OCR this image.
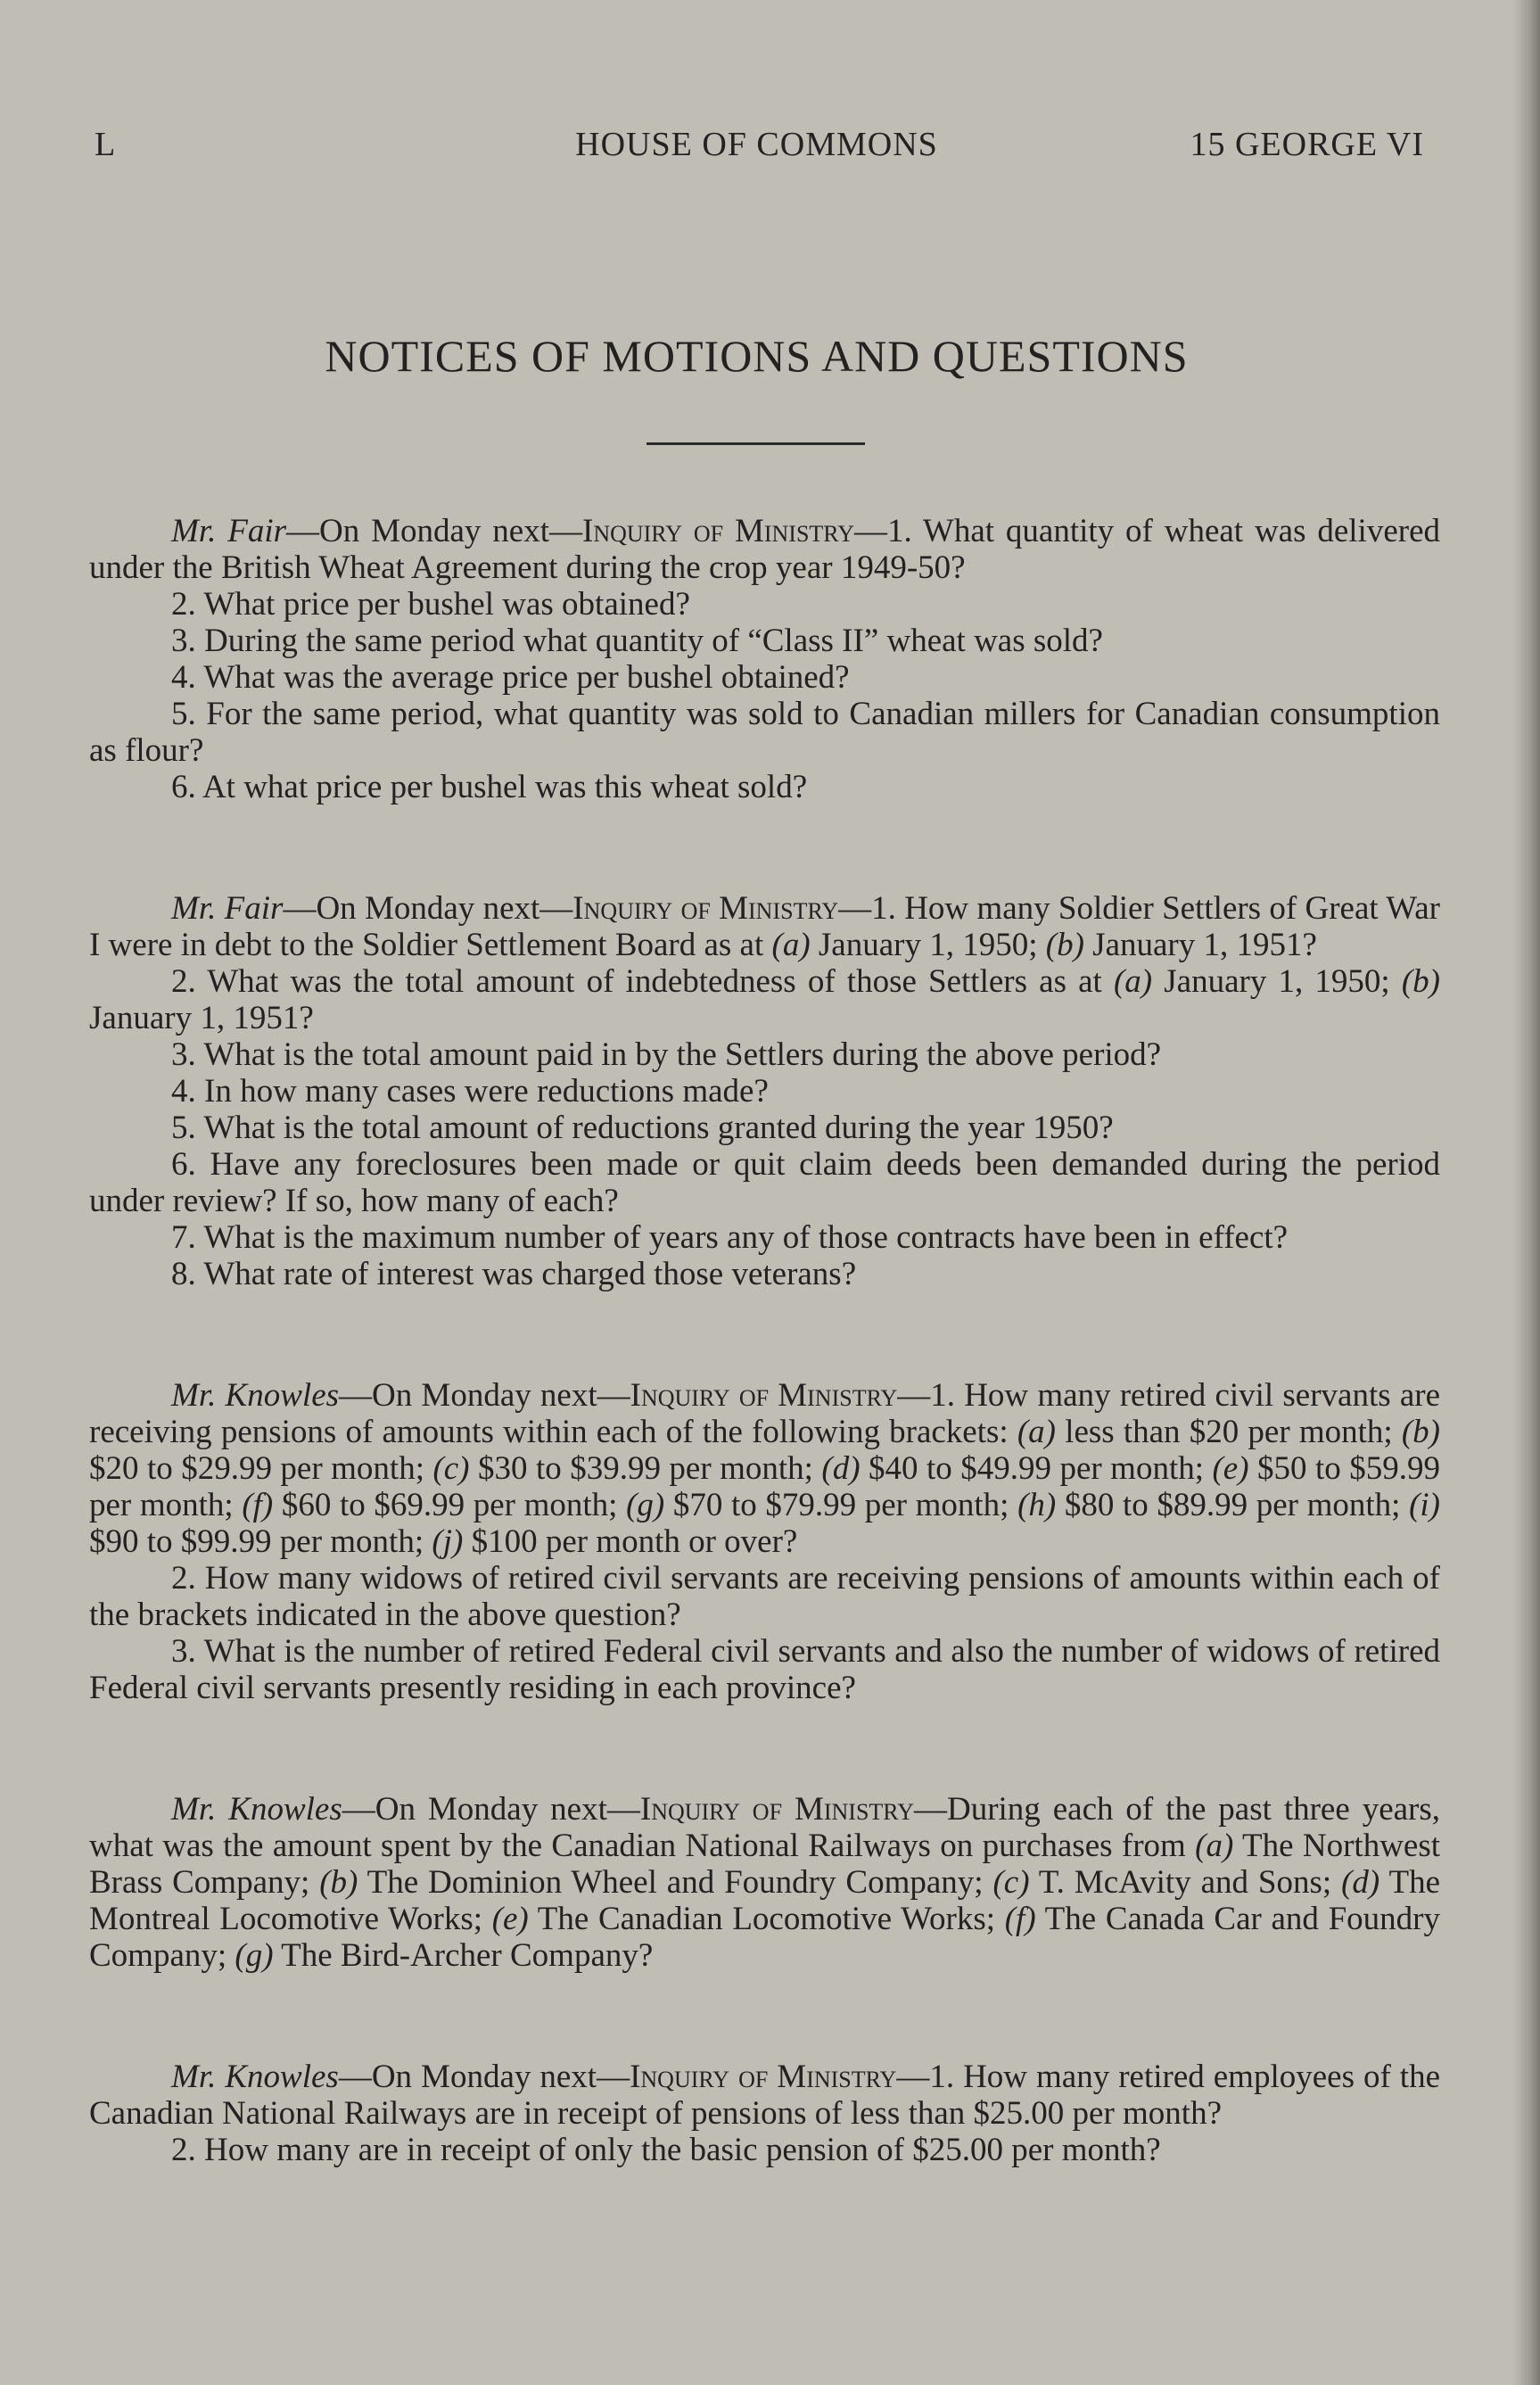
L	HOUSE OF COMMONS	15 GEORGE VI
NOTICES OF MOTIONS AND QUESTIONS

Mr. Fair—On Monday next—Inquiry of Ministry—1. What quantity of wheat was delivered under the British Wheat Agreement during the crop year 1949-50?

2. What price per bushel was obtained?

3. During the same period what quantity of “Class II” wheat was sold?

4. What was the average price per bushel obtained?

5. For the same period, what quantity was sold to Canadian millers for Canadian consumption as flour?

6. At what price per bushel was this wheat sold?

Mr. Fair—On Monday next—Inquiry of Ministry—1. How many Soldier Settlers of Great War I were in debt to the Soldier Settlement Board as at (a) January 1, 1950; (b) January 1, 1951?

2. What was the total amount of indebtedness of those Settlers as at (a) January 1, 1950; (b) January 1, 1951?

3. What is the total amount paid in by the Settlers during the above period?

4. In how many cases were reductions made?

5. What is the total amount of reductions granted during the year 1950?

6. Have any foreclosures been made or quit claim deeds been demanded during the period under review? If so, how many of each?

7. What is the maximum number of years any of those contracts have been in effect?

8. What rate of interest was charged those veterans?

Mr. Knowles—On Monday next—Inquiry of Ministry—1. How many retired civil servants are receiving pensions of amounts within each of the following brackets: (a) less than $20 per month; (b) $20 to $29.99 per month; (c) $30 to $39.99 per month; (d) $40 to $49.99 per month; (e) $50 to $59.99 per month; (f) $60 to $69.99 per month; (g) $70 to $79.99 per month; (h) $80 to $89.99 per month; (i) $90 to $99.99 per month; (j) $100 per month or over?

2. How many widows of retired civil servants are receiving pensions of amounts within each of the brackets indicated in the above question?

3. What is the number of retired Federal civil servants and also the number of widows of retired Federal civil servants presently residing in each province?

Mr. Knowles—On Monday next—Inquiry of Ministry—During each of the past three years, what was the amount spent by the Canadian National Railways on purchases from (a) The Northwest Brass Company; (b) The Dominion Wheel and Foundry Company; (c) T. McAvity and Sons; (d) The Montreal Locomotive Works; (e) The Canadian Locomotive Works; (f) The Canada Car and Foundry Company; (g) The Bird-Archer Company?

Mr. Knowles—On Monday next—Inquiry of Ministry—1. How many retired employees of the Canadian National Railways are in receipt of pensions of less than $25.00 per month?

2. How many are in receipt of only the basic pension of $25.00 per month?
